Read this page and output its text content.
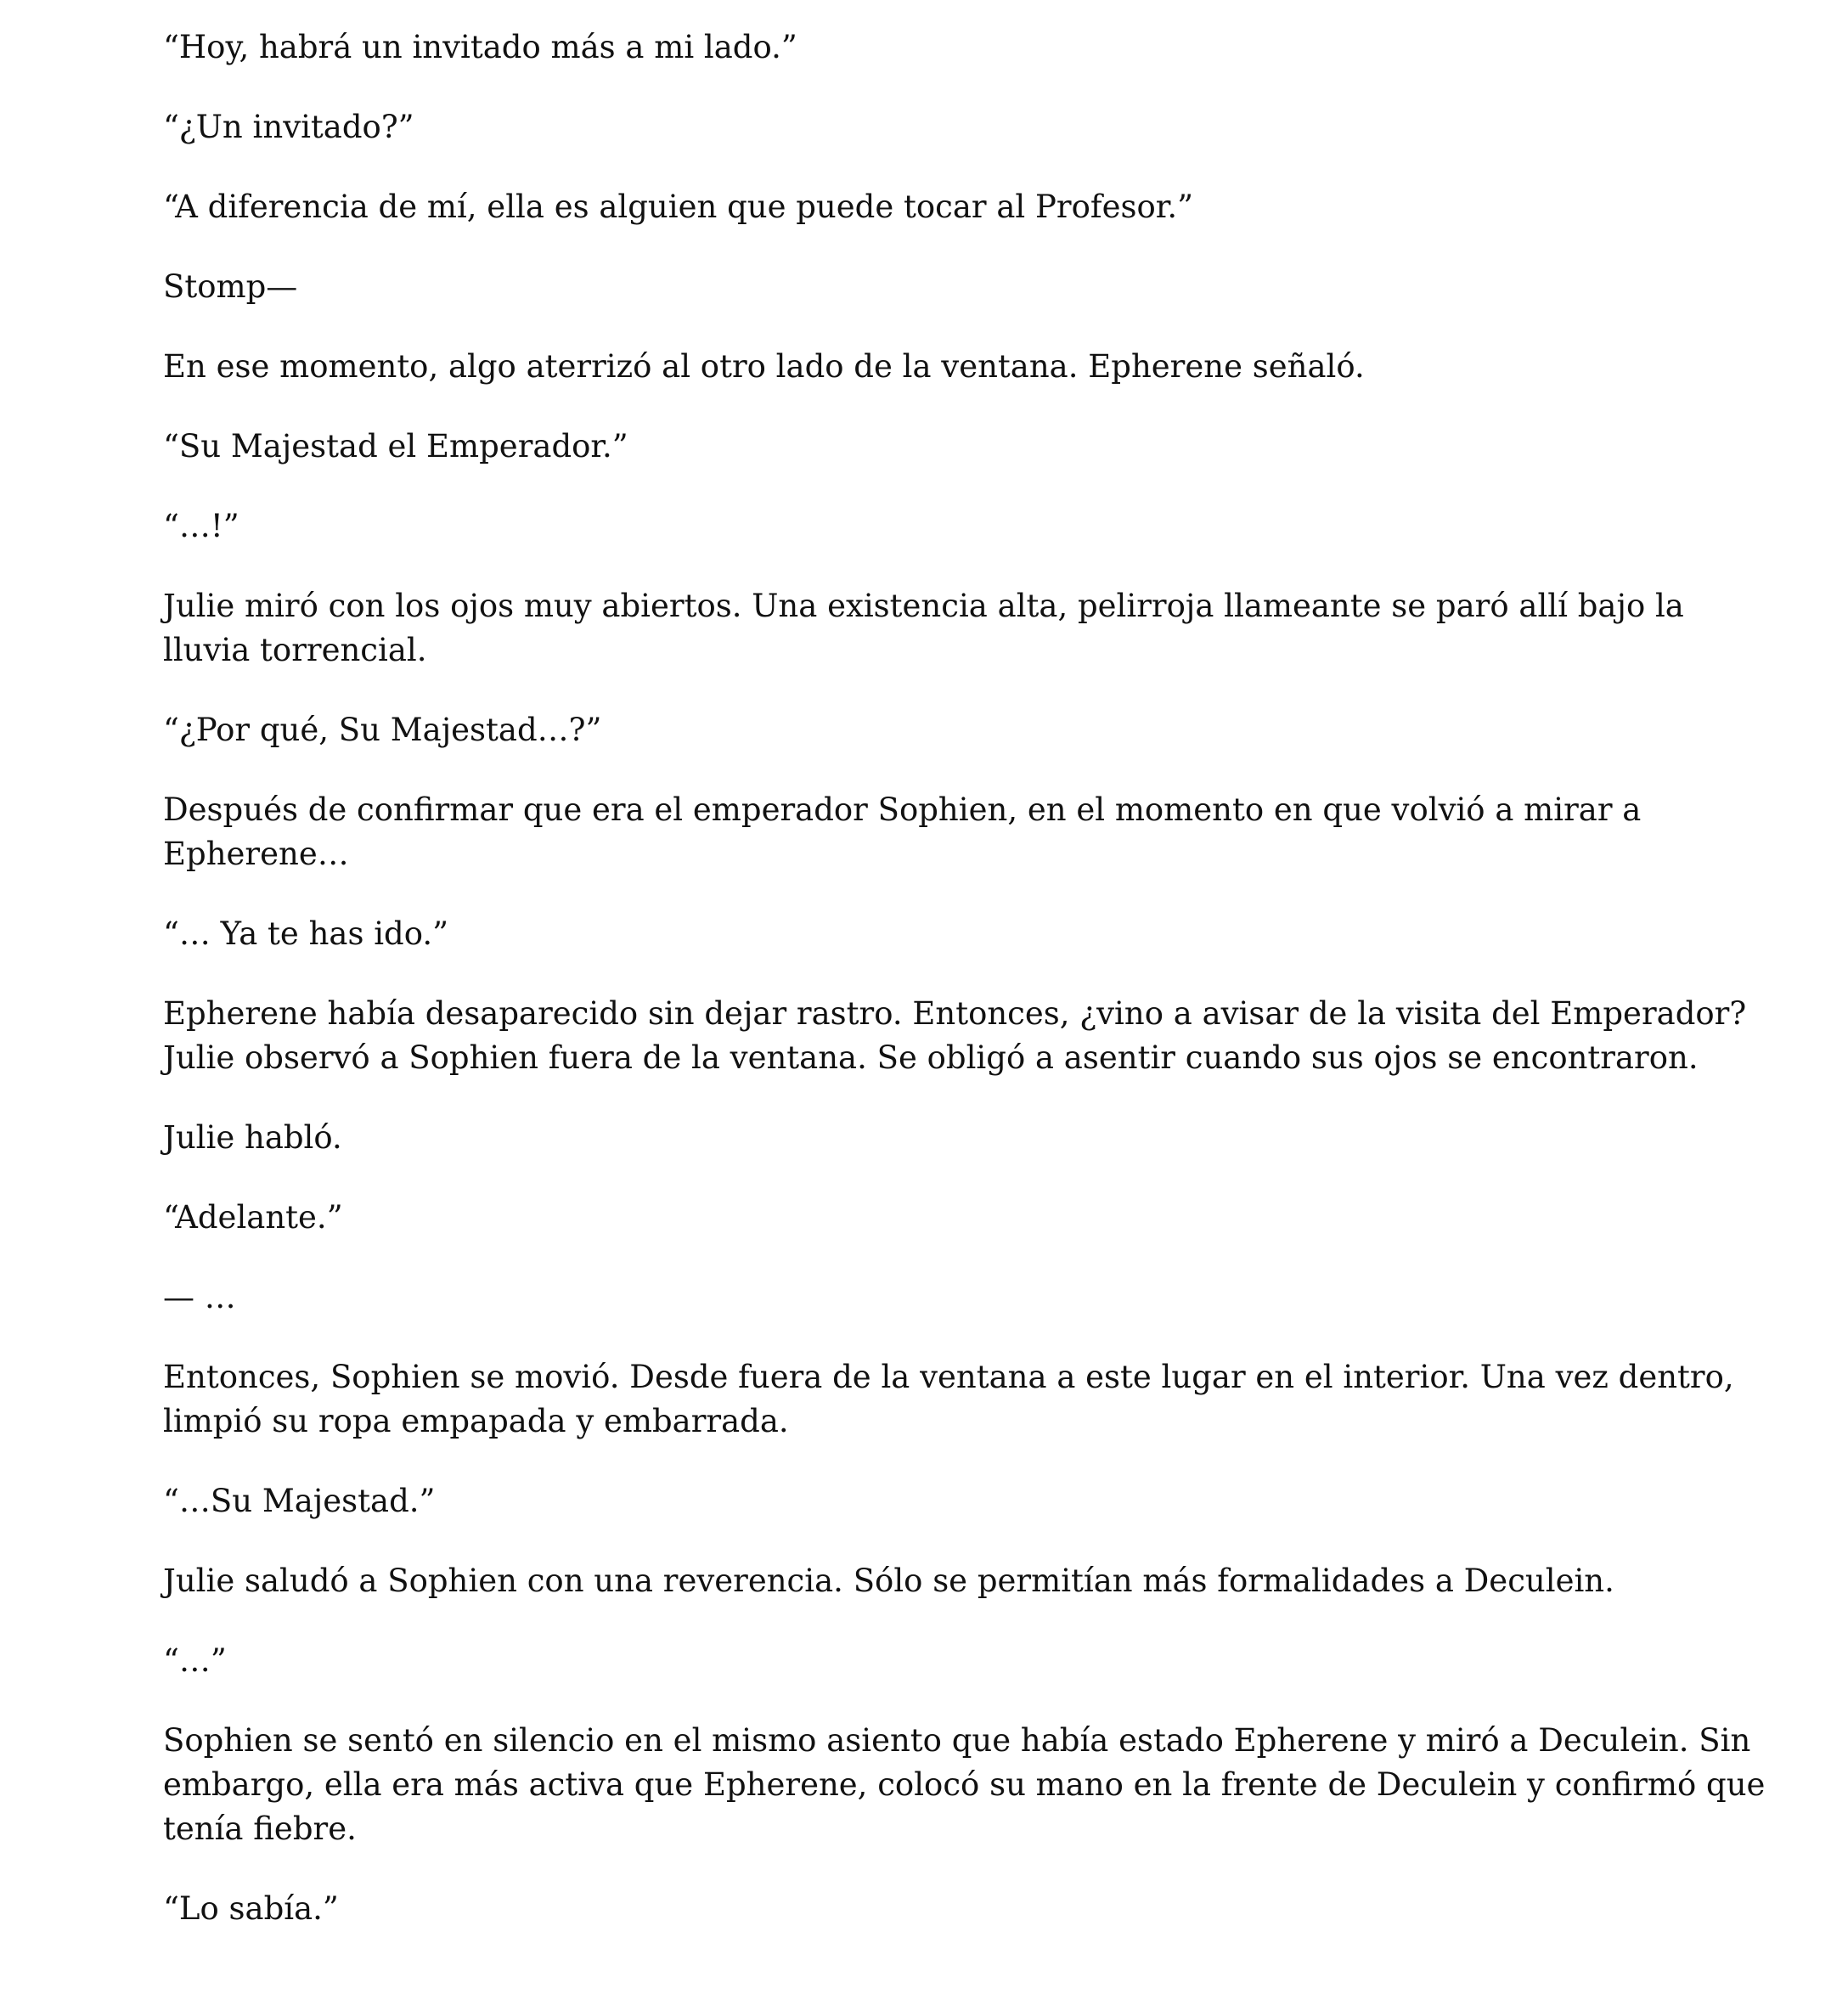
“Hoy, habrá un invitado más a mi lado.”

“¿Un invitado?”

“A diferencia de mí, ella es alguien que puede tocar al Profesor.”

Stomp—

En ese momento, algo aterrizó al otro lado de la ventana. Epherene señaló.

“Su Majestad el Emperador.”

“…!”

Julie miró con los ojos muy abiertos. Una existencia alta, pelirroja llameante se paró allí bajo la lluvia torrencial.

“¿Por qué, Su Majestad…?”

Después de confirmar que era el emperador Sophien, en el momento en que volvió a mirar a Epherene…

“… Ya te has ido.”

Epherene había desaparecido sin dejar rastro. Entonces, ¿vino a avisar de la visita del Emperador? Julie observó a Sophien fuera de la ventana. Se obligó a asentir cuando sus ojos se encontraron.

Julie habló.

“Adelante.”

— …

Entonces, Sophien se movió. Desde fuera de la ventana a este lugar en el interior. Una vez dentro, limpió su ropa empapada y embarrada.

“…Su Majestad.”

Julie saludó a Sophien con una reverencia. Sólo se permitían más formalidades a Deculein.

“…”

Sophien se sentó en silencio en el mismo asiento que había estado Epherene y miró a Deculein. Sin embargo, ella era más activa que Epherene, colocó su mano en la frente de Deculein y confirmó que tenía fiebre.

“Lo sabía.”
